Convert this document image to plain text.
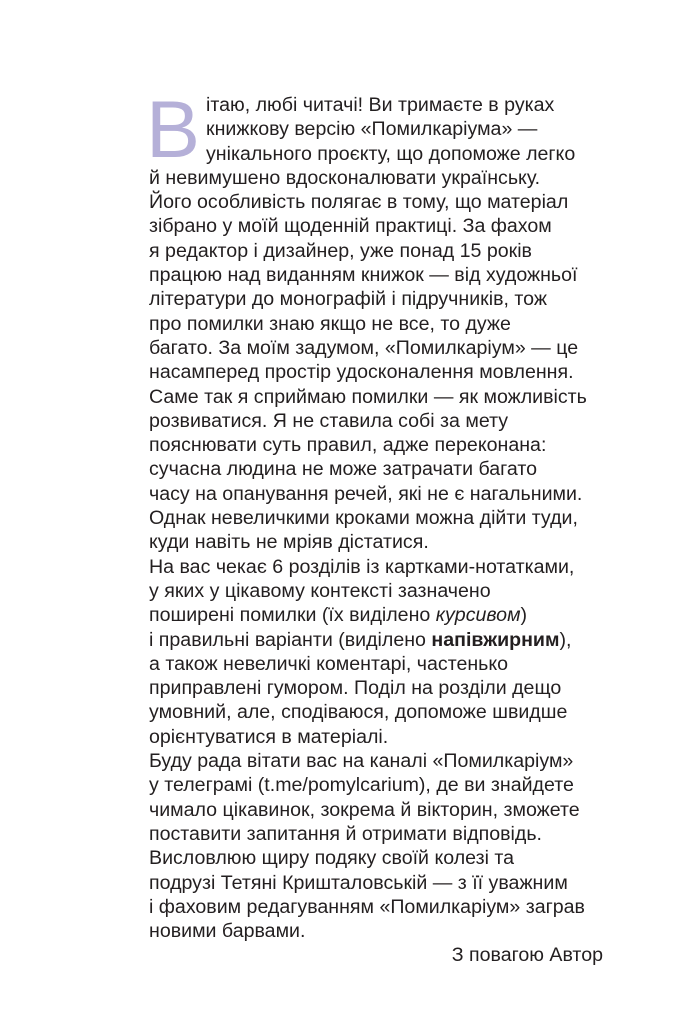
В ітаю, любі читачі! Ви тримаєте в руках
книжкову версію «Помилкаріума» —
унікального проєкту, що допоможе легко
й невимушено вдосконалювати українську.
Його особливість полягає в тому, що матеріал
зібрано у моїй щоденній практиці. За фахом
я редактор і дизайнер, уже понад 15 років
працюю над виданням книжок — від художньої
літератури до монографій і підручників, тож
про помилки знаю якщо не все, то дуже
багато. За моїм задумом, «Помилкаріум» — це
насамперед простір удосконалення мовлення.
Саме так я сприймаю помилки — як можливість
розвиватися. Я не ставила собі за мету
пояснювати суть правил, адже переконана:
сучасна людина не може затрачати багато
часу на опанування речей, які не є нагальними.
Однак невеличкими кроками можна дійти туди,
куди навіть не мріяв дістатися.
На вас чекає 6 розділів із картками-нотатками,
у яких у цікавому контексті зазначено
поширені помилки (їх виділено курсивом)
і правильні варіанти (виділено напівжирним),
а також невеличкі коментарі, частенько
приправлені гумором. Поділ на розділи дещо
умовний, але, сподіваюся, допоможе швидше
орієнтуватися в матеріалі.
Буду рада вітати вас на каналі «Помилкаріум»
у телеграмі (t.me/pomylcarium), де ви знайдете
чимало цікавинок, зокрема й вікторин, зможете
поставити запитання й отримати відповідь.
Висловлюю щиру подяку своїй колезі та
подрузі Тетяні Кришталовській — з її уважним
і фаховим редагуванням «Помилкаріум» заграв
новими барвами.
З повагою Автор
